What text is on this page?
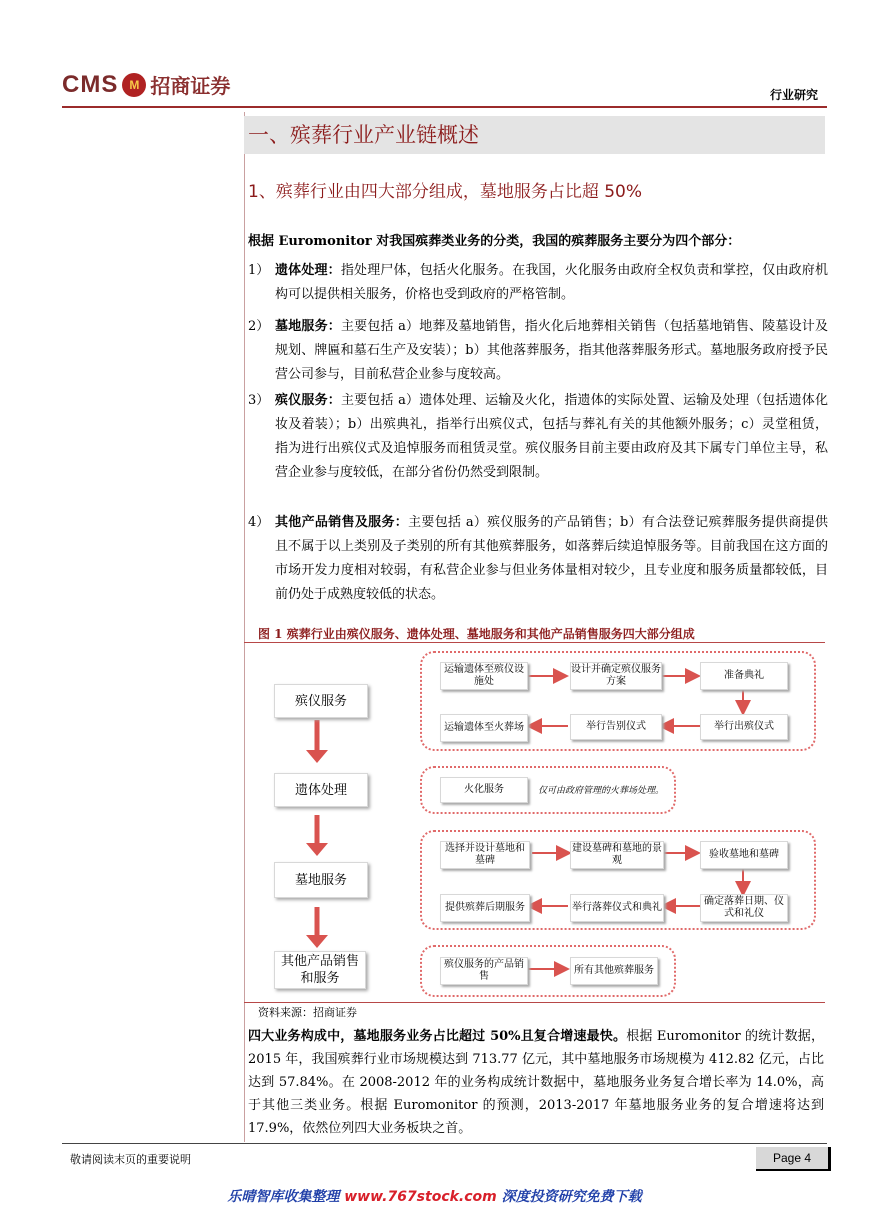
CMS M 招商证券	行业研究
一、殡葬行业产业链概述
1、殡葬行业由四大部分组成，墓地服务占比超 50%
根据 Euromonitor 对我国殡葬类业务的分类，我国的殡葬服务主要分为四个部分：
1） 遗体处理：指处理尸体，包括火化服务。在我国，火化服务由政府全权负责和掌控，仅由政府机构可以提供相关服务，价格也受到政府的严格管制。
2） 墓地服务：主要包括 a）地葬及墓地销售，指火化后地葬相关销售（包括墓地销售、陵墓设计及规划、牌匾和墓石生产及安装）；b）其他落葬服务，指其他落葬服务形式。墓地服务政府授予民营公司参与，目前私营企业参与度较高。
3） 殡仪服务：主要包括 a）遗体处理、运输及火化，指遗体的实际处置、运输及处理（包括遗体化妆及着装）；b）出殡典礼，指举行出殡仪式，包括与葬礼有关的其他额外服务；c）灵堂租赁，指为进行出殡仪式及追悼服务而租赁灵堂。殡仪服务目前主要由政府及其下属专门单位主导，私营企业参与度较低，在部分省份仍然受到限制。
4） 其他产品销售及服务：主要包括 a）殡仪服务的产品销售；b）有合法登记殡葬服务提供商提供且不属于以上类别及子类别的所有其他殡葬服务，如落葬后续追悼服务等。目前我国在这方面的市场开发力度相对较弱，有私营企业参与但业务体量相对较少，且专业度和服务质量都较低，目前仍处于成熟度较低的状态。
图 1 殡葬行业由殡仪服务、遗体处理、墓地服务和其他产品销售服务四大部分组成
殡仪服务
遗体处理
墓地服务
其他产品销售和服务
运输遗体至殡仪设施处
设计并确定殡仪服务方案
准备典礼
举行出殡仪式
举行告别仪式
运输遗体至火葬场
火化服务	仅可由政府管理的火葬场处理。
选择并设计墓地和墓碑
建设墓碑和墓地的景观
验收墓地和墓碑
确定落葬日期、仪式和礼仪
举行落葬仪式和典礼
提供殡葬后期服务
殡仪服务的产品销售
所有其他殡葬服务
资料来源：招商证券
四大业务构成中，墓地服务业务占比超过 50%且复合增速最快。根据 Euromonitor 的统计数据，2015 年，我国殡葬行业市场规模达到 713.77 亿元，其中墓地服务市场规模为 412.82 亿元，占比达到 57.84%。在 2008-2012 年的业务构成统计数据中，墓地服务业务复合增长率为 14.0%，高于其他三类业务。根据 Euromonitor 的预测，2013-2017 年墓地服务业务的复合增速将达到 17.9%，依然位列四大业务板块之首。
敬请阅读末页的重要说明	Page 4
乐晴智库收集整理 www.767stock.com 深度投资研究免费下载
